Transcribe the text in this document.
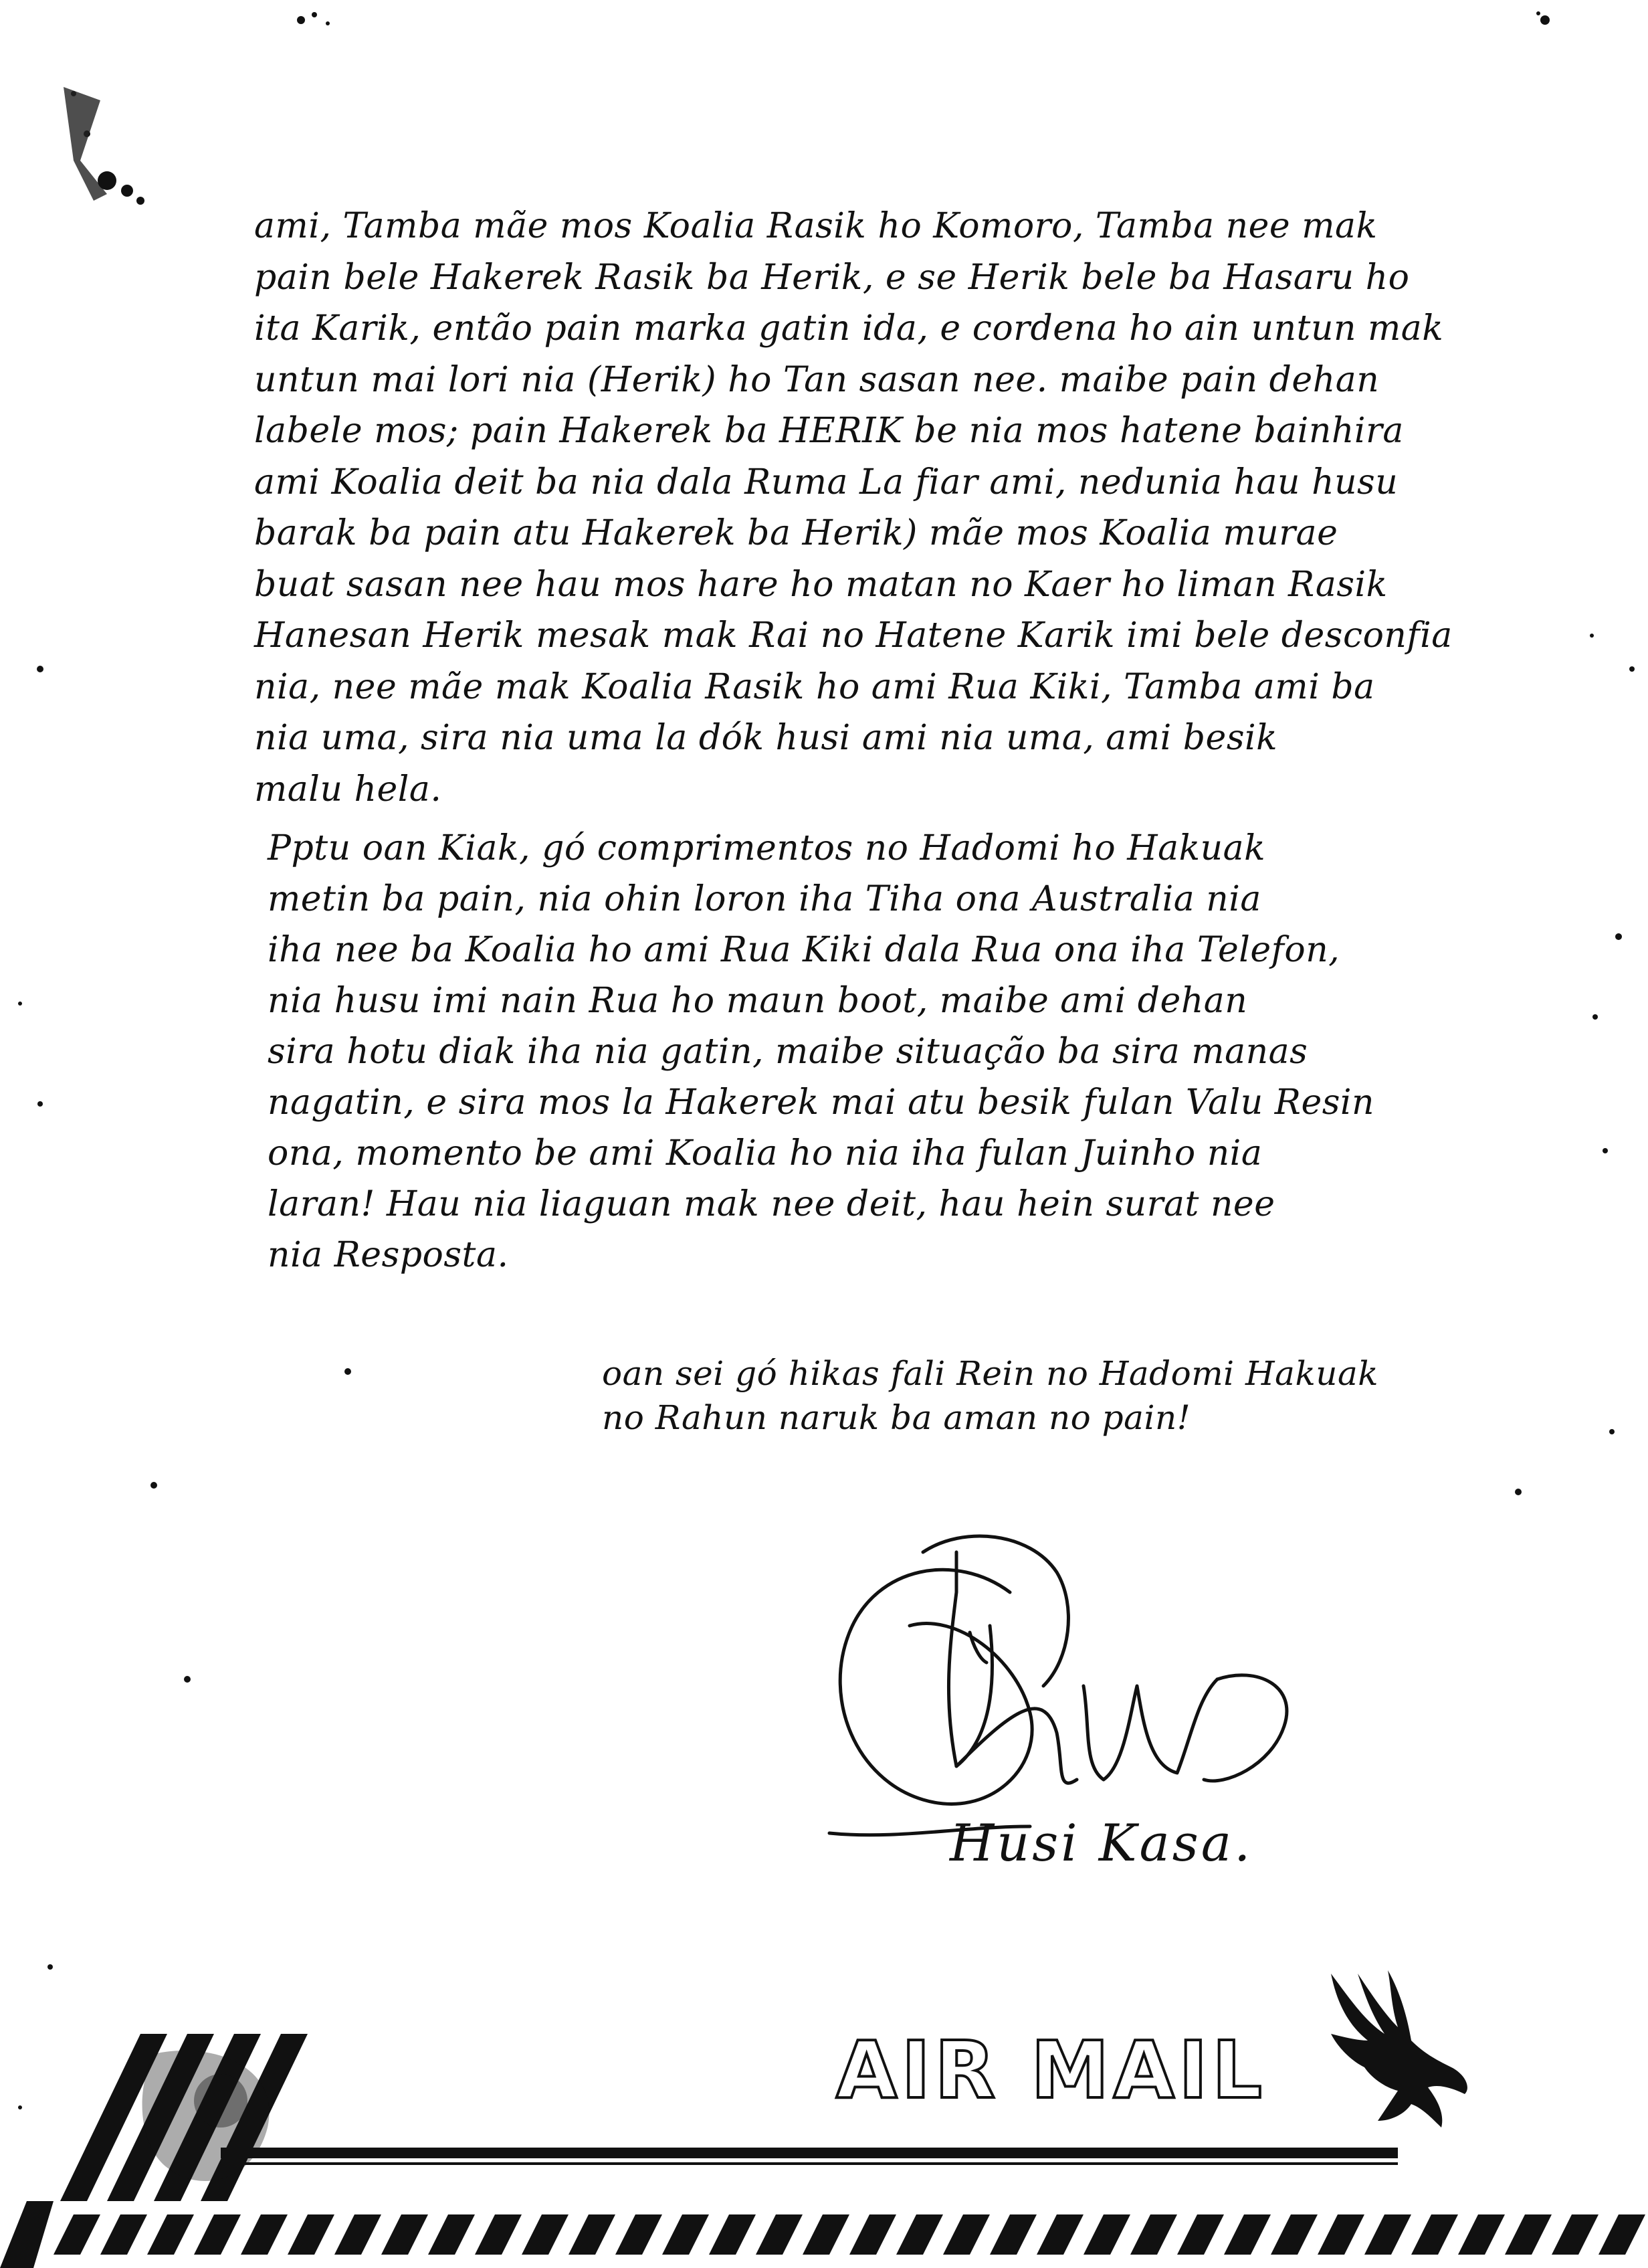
ami, Tamba mãe mos Koalia Rasik ho Komoro, Tamba nee mak
pain bele Hakerek Rasik ba Herik, e se Herik bele ba Hasaru ho
ita Karik, então pain marka gatin ida, e cordena ho ain untun mak
untun mai lori nia (Herik) ho Tan sasan nee. maibe pain dehan
labele mos; pain Hakerek ba HERIK be nia mos hatene bainhira
ami Koalia deit ba nia dala Ruma La fiar ami, nedunia hau husu
barak ba pain atu Hakerek ba Herik) mãe mos Koalia murae
buat sasan nee hau mos hare ho matan no Kaer ho liman Rasik
Hanesan Herik mesak mak Rai no Hatene Karik imi bele desconfia
nia, nee mãe mak Koalia Rasik ho ami Rua Kiki, Tamba ami ba
nia uma, sira nia uma la dók husi ami nia uma, ami besik
malu hela.
Pptu oan Kiak, gó comprimentos no Hadomi ho Hakuak
metin ba pain, nia ohin loron iha Tiha ona Australia nia
iha nee ba Koalia ho ami Rua Kiki dala Rua ona iha Telefon,
nia husu imi nain Rua ho maun boot, maibe ami dehan
sira hotu diak iha nia gatin, maibe situação ba sira manas
nagatin, e sira mos la Hakerek mai atu besik fulan Valu Resin
ona, momento be ami Koalia ho nia iha fulan Juinho nia
laran! Hau nia liaguan mak nee deit, hau hein surat nee
nia Resposta.
oan sei gó hikas fali Rein no Hadomi Hakuak
no Rahun naruk ba aman no pain!
Husi Kasa.
AIR MAIL
